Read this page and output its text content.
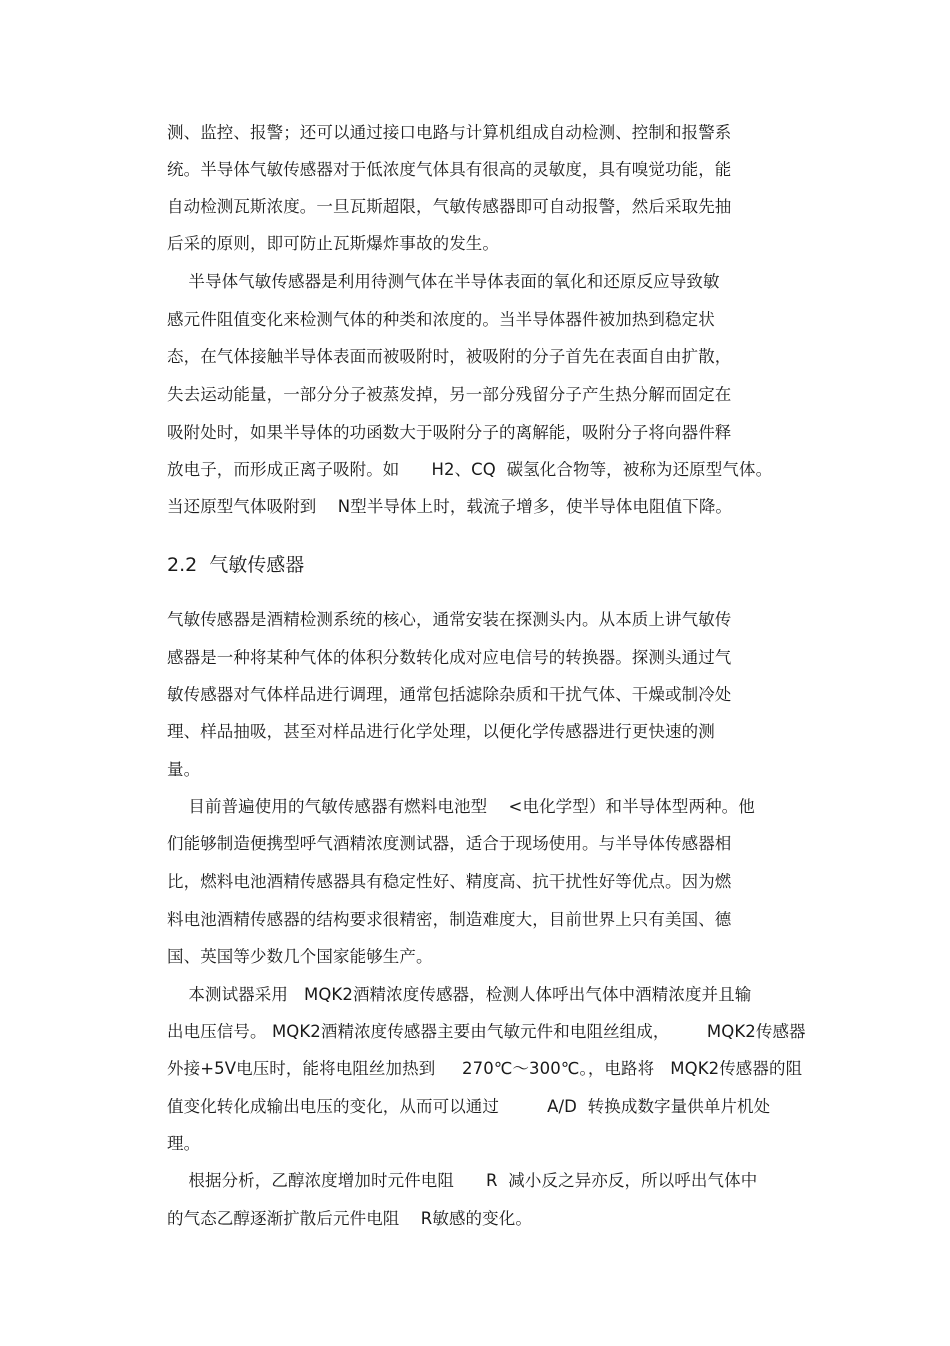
测、监控、报警；还可以通过接口电路与计算机组成自动检测、控制和报警系
统。半导体气敏传感器对于低浓度气体具有很高的灵敏度，具有嗅觉功能，能
自动检测瓦斯浓度。一旦瓦斯超限，气敏传感器即可自动报警，然后采取先抽
后采的原则，即可防止瓦斯爆炸事故的发生。
半导体气敏传感器是利用待测气体在半导体表面的氧化和还原反应导致敏
感元件阻值变化来检测气体的种类和浓度的。当半导体器件被加热到稳定状
态，在气体接触半导体表面而被吸附时，被吸附的分子首先在表面自由扩散，
失去运动能量，一部分分子被蒸发掉，另一部分残留分子产生热分解而固定在
吸附处时，如果半导体的功函数大于吸附分子的离解能，吸附分子将向器件释
放电子，而形成正离子吸附。如      H2、CQ  碳氢化合物等，被称为还原型气体。
当还原型气体吸附到    N型半导体上时，载流子增多，使半导体电阻值下降。
2.2  气敏传感器
气敏传感器是酒精检测系统的核心，通常安装在探测头内。从本质上讲气敏传
感器是一种将某种气体的体积分数转化成对应电信号的转换器。探测头通过气
敏传感器对气体样品进行调理，通常包括滤除杂质和干扰气体、干燥或制冷处
理、样品抽吸，甚至对样品进行化学处理，以便化学传感器进行更快速的测
量。
目前普遍使用的气敏传感器有燃料电池型    <电化学型）和半导体型两种。他
们能够制造便携型呼气酒精浓度测试器，适合于现场使用。与半导体传感器相
比，燃料电池酒精传感器具有稳定性好、精度高、抗干扰性好等优点。因为燃
料电池酒精传感器的结构要求很精密，制造难度大，目前世界上只有美国、德
国、英国等少数几个国家能够生产。
本测试器采用   MQK2酒精浓度传感器，检测人体呼出气体中酒精浓度并且输
出电压信号。 MQK2酒精浓度传感器主要由气敏元件和电阻丝组成，       MQK2传感器
外接+5V电压时，能将电阻丝加热到     270℃～300℃。，电路将   MQK2传感器的阻
值变化转化成输出电压的变化，从而可以通过         A/D  转换成数字量供单片机处
理。
根据分析，乙醇浓度增加时元件电阻      R  减小反之异亦反，所以呼出气体中
的气态乙醇逐渐扩散后元件电阻    R敏感的变化。
